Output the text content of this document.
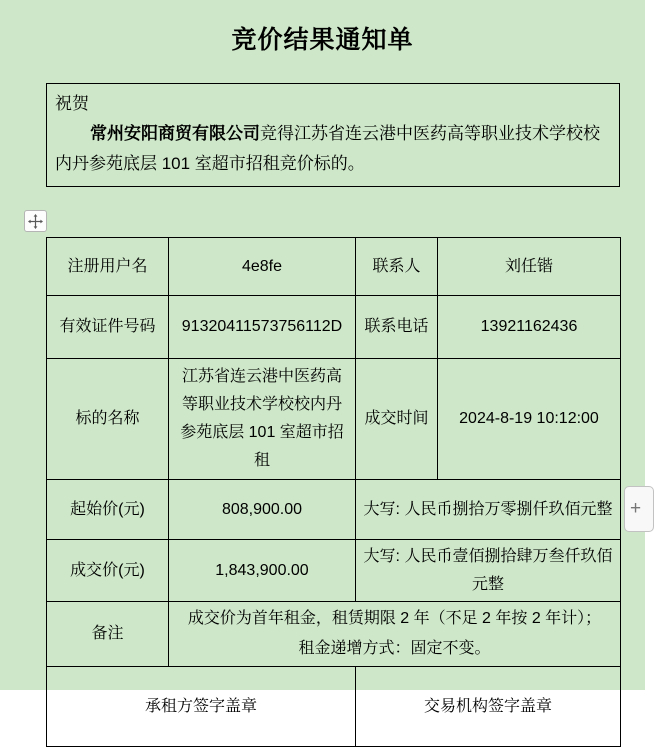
竞价结果通知单

祝贺

常州安阳商贸有限公司竞得江苏省连云港中医药高等职业技术学校校内丹参苑底层 101 室超市招租竞价标的。

注册用户名	4e8fe	联系人	刘任锴
有效证件号码	91320411573756112D	联系电话	13921162436
标的名称	江苏省连云港中医药高等职业技术学校校内丹参苑底层 101 室超市招租	成交时间	2024-8-19 10:12:00
起始价(元)	808,900.00	大写: 人民币捌拾万零捌仟玖佰元整	
成交价(元)	1,843,900.00	大写: 人民币壹佰捌拾肆万叁仟玖佰元整	
备注	成交价为首年租金，租赁期限 2 年（不足 2 年按 2 年计）；
租金递增方式：固定不变。		

承租方签字盖章		交易机构签字盖章	
+
